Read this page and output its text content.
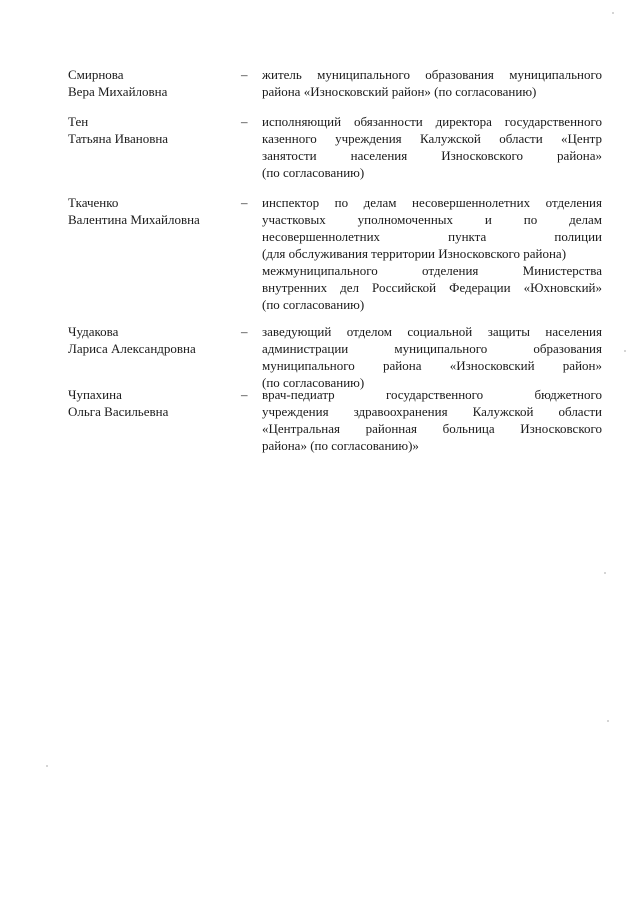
Смирнова
Вера Михайловна
– житель муниципального образования муниципального
района «Износковский район» (по согласованию)
Тен
Татьяна Ивановна
– исполняющий обязанности директора государственного
казенного учреждения Калужской области «Центр
занятости населения Износковского района»
(по согласованию)
Ткаченко
Валентина Михайловна
– инспектор по делам несовершеннолетних отделения
участковых уполномоченных и по делам
несовершеннолетних пункта полиции
(для обслуживания территории Износковского района)
межмуниципального отделения Министерства
внутренних дел Российской Федерации «Юхновский»
(по согласованию)
Чудакова
Лариса Александровна
– заведующий отделом социальной защиты населения
администрации муниципального образования
муниципального района «Износковский район»
(по согласованию)
Чупахина
Ольга Васильевна
– врач-педиатр государственного бюджетного
учреждения здравоохранения Калужской области
«Центральная районная больница Износковского
района» (по согласованию)»
